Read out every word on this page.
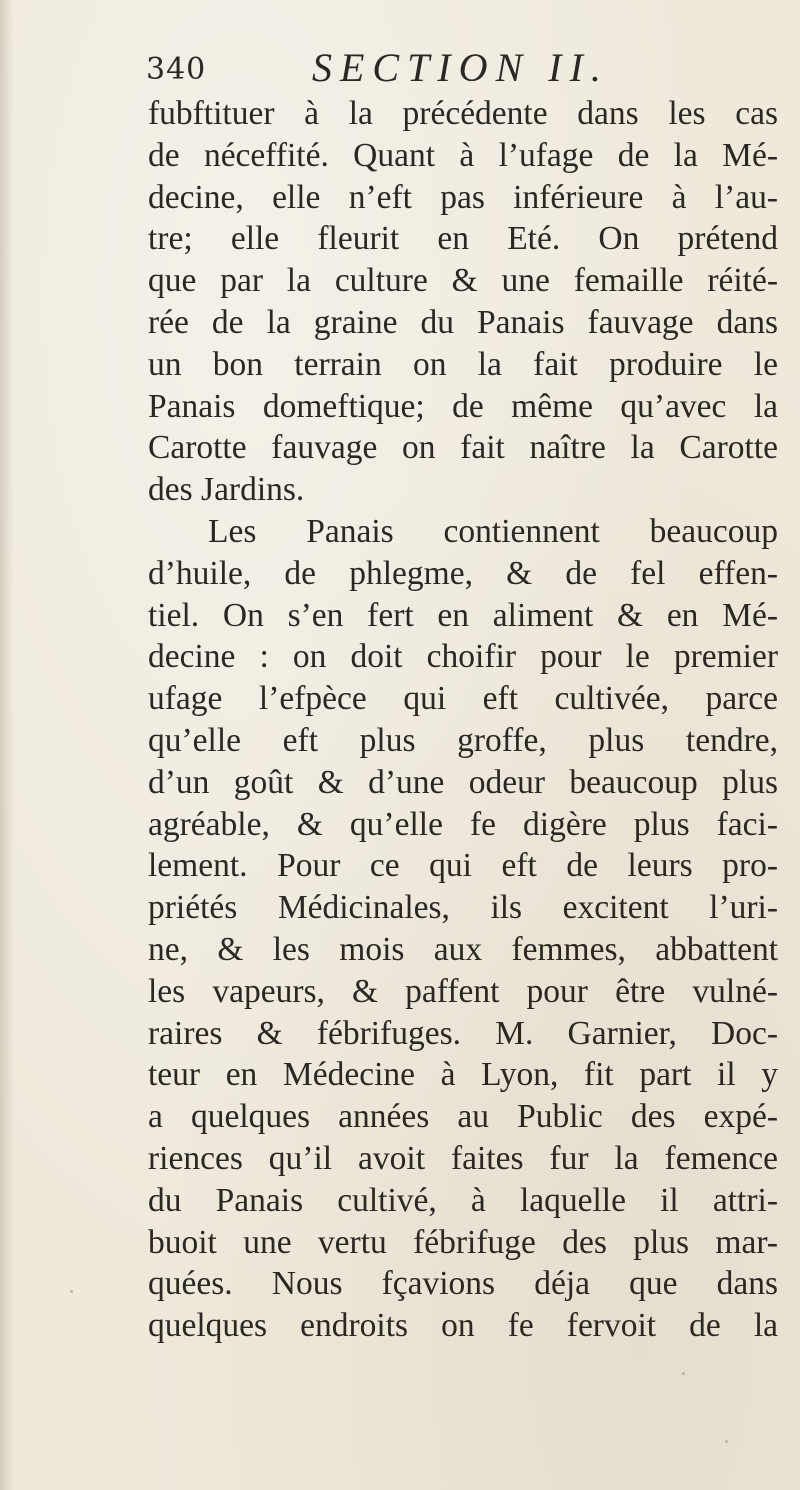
340	SECTION II.
fubftituer à la précédente dans les cas
de néceffité. Quant à l’ufage de la Mé-
decine, elle n’eft pas inférieure à l’au-
tre; elle fleurit en Eté. On prétend
que par la culture & une femaille réité-
rée de la graine du Panais fauvage dans
un bon terrain on la fait produire le
Panais domeftique; de même qu’avec la
Carotte fauvage on fait naître la Carotte
des Jardins.
Les Panais contiennent beaucoup
d’huile, de phlegme, & de fel effen-
tiel. On s’en fert en aliment & en Mé-
decine : on doit choifir pour le premier
ufage l’efpèce qui eft cultivée, parce
qu’elle eft plus groffe, plus tendre,
d’un goût & d’une odeur beaucoup plus
agréable, & qu’elle fe digère plus faci-
lement. Pour ce qui eft de leurs pro-
priétés Médicinales, ils excitent l’uri-
ne, & les mois aux femmes, abbattent
les vapeurs, & paffent pour être vulné-
raires & fébrifuges. M. Garnier, Doc-
teur en Médecine à Lyon, fit part il y
a quelques années au Public des expé-
riences qu’il avoit faites fur la femence
du Panais cultivé, à laquelle il attri-
buoit une vertu fébrifuge des plus mar-
quées. Nous fçavions déja que dans
quelques endroits on fe fervoit de la
